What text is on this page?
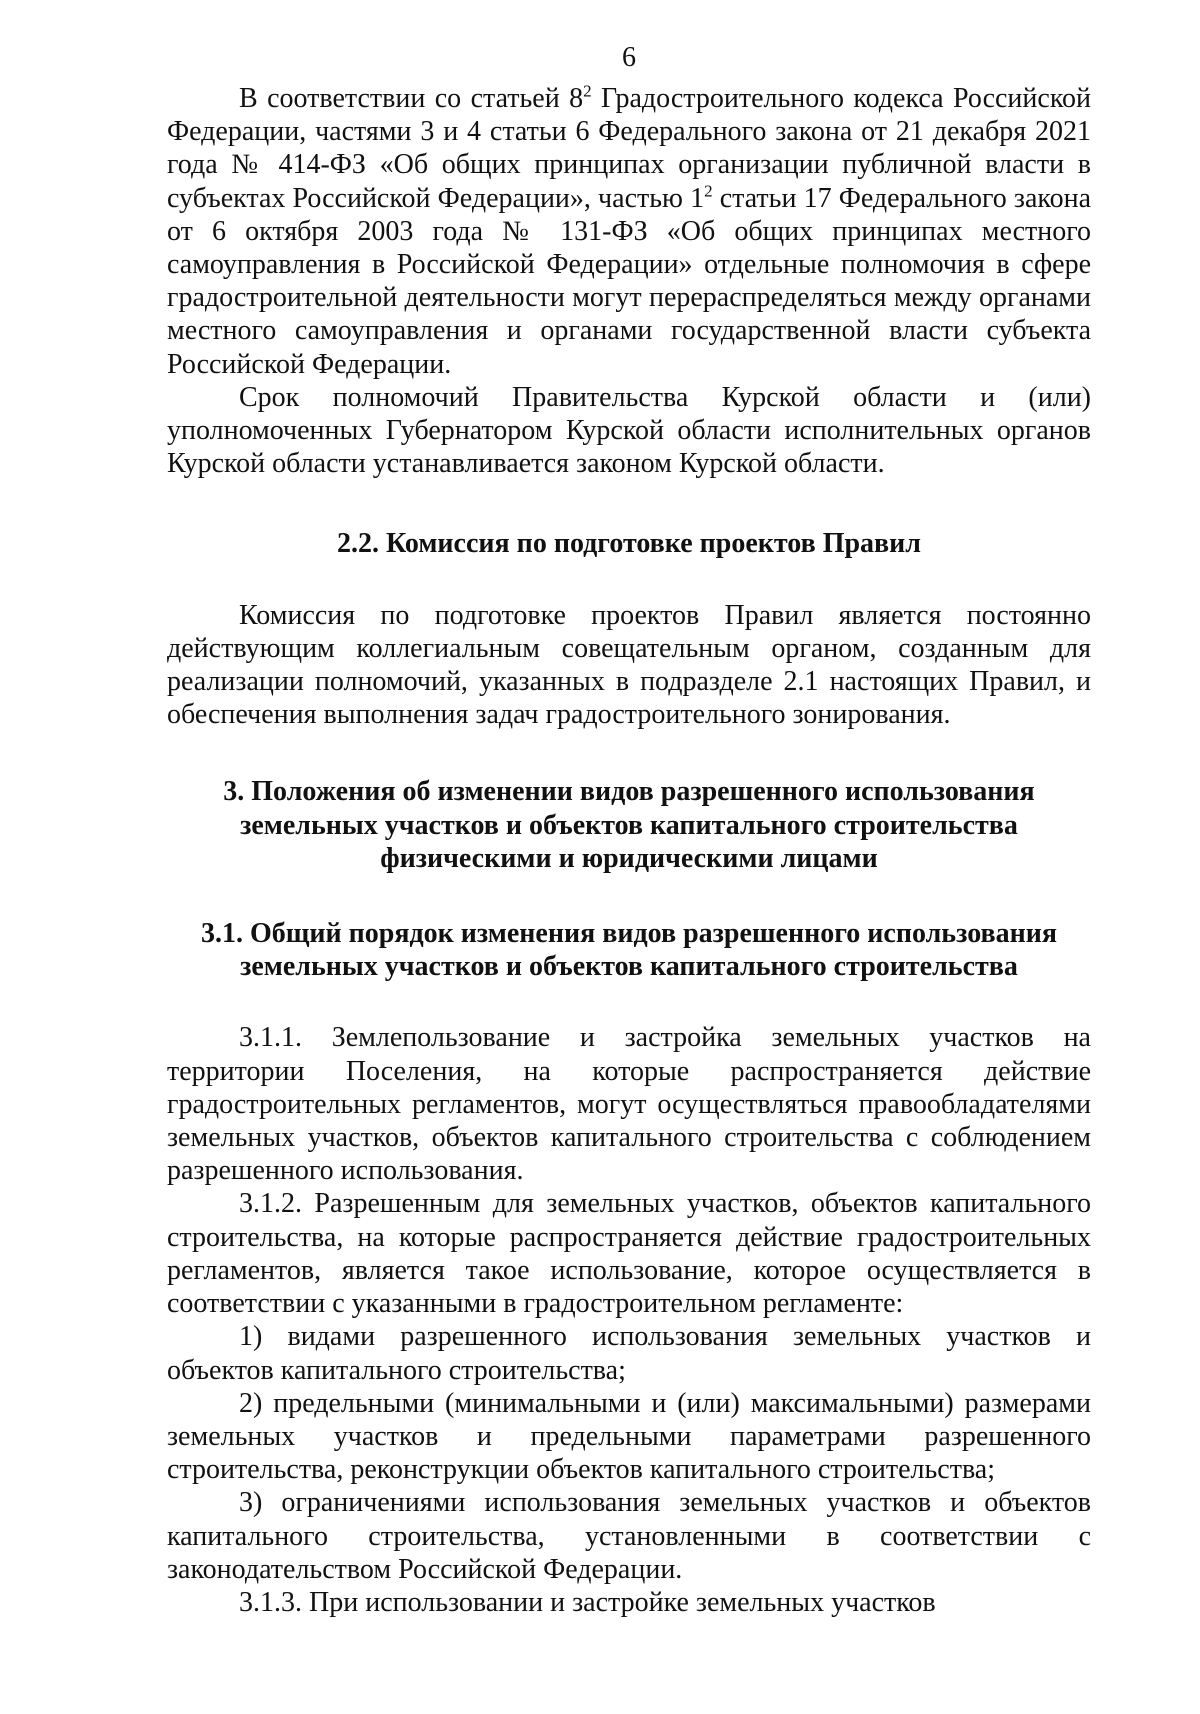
6

В соответствии со статьей $8^2$ Градостроительного кодекса Российской Федерации, частями 3 и 4 статьи 6 Федерального закона от 21 декабря 2021 года № 414-ФЗ «Об общих принципах организации публичной власти в субъектах Российской Федерации», частью $1^2$ статьи 17 Федерального закона от 6 октября 2003 года № 131-ФЗ «Об общих принципах местного самоуправления в Российской Федерации» отдельные полномочия в сфере градостроительной деятельности могут перераспределяться между органами местного самоуправления и органами государственной власти субъекта Российской Федерации.

Срок полномочий Правительства Курской области и (или) уполномоченных Губернатором Курской области исполнительных органов Курской области устанавливается законом Курской области.

2.2. Комиссия по подготовке проектов Правил

Комиссия по подготовке проектов Правил является постоянно действующим коллегиальным совещательным органом, созданным для реализации полномочий, указанных в подразделе 2.1 настоящих Правил, и обеспечения выполнения задач градостроительного зонирования.

3. Положения об изменении видов разрешенного использования

земельных участков и объектов капитального строительства

физическими и юридическими лицами

3.1. Общий порядок изменения видов разрешенного использования

земельных участков и объектов капитального строительства

3.1.1. Землепользование и застройка земельных участков на территории Поселения, на которые распространяется действие градостроительных регламентов, могут осуществляться правообладателями земельных участков, объектов капитального строительства с соблюдением разрешенного использования.

3.1.2. Разрешенным для земельных участков, объектов капитального строительства, на которые распространяется действие градостроительных регламентов, является такое использование, которое осуществляется в соответствии с указанными в градостроительном регламенте:

1) видами разрешенного использования земельных участков и объектов капитального строительства;

2) предельными (минимальными и (или) максимальными) размерами земельных участков и предельными параметрами разрешенного строительства, реконструкции объектов капитального строительства;

3) ограничениями использования земельных участков и объектов капитального строительства, установленными в соответствии с законодательством Российской Федерации.

3.1.3. При использовании и застройке земельных участков
